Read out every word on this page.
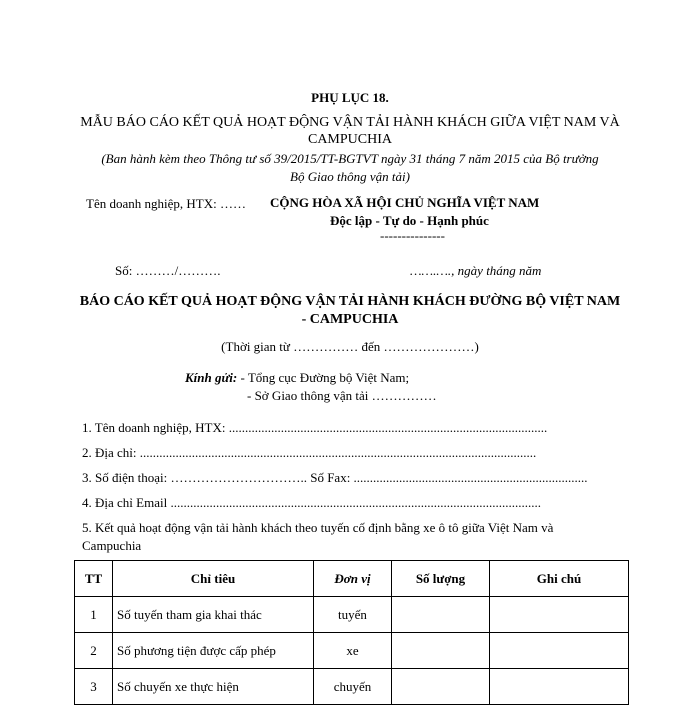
PHỤ LỤC 18.
MẪU BÁO CÁO KẾT QUẢ HOẠT ĐỘNG VẬN TẢI HÀNH KHÁCH GIỮA VIỆT NAM VÀ
CAMPUCHIA
(Ban hành kèm theo Thông tư số 39/2015/TT-BGTVT ngày 31 tháng 7 năm 2015 của Bộ trưởng
Bộ Giao thông vận tải)
Tên doanh nghiệp, HTX: …… CỘNG HÒA XÃ HỘI CHỦ NGHĨA VIỆT NAM
Độc lập - Tự do - Hạnh phúc
---------------
Số: ………/……….	…….…., ngày tháng năm
BÁO CÁO KẾT QUẢ HOẠT ĐỘNG VẬN TẢI HÀNH KHÁCH ĐƯỜNG BỘ VIỆT NAM
- CAMPUCHIA
(Thời gian từ …………… đến …………………)
Kính gửi: - Tổng cục Đường bộ Việt Nam;
- Sở Giao thông vận tải ……………
1. Tên doanh nghiệp, HTX: ..................................................................................................
2. Địa chỉ: ..........................................................................................................................
3. Số điện thoại: ………………………….. Số Fax: ........................................................................
4. Địa chỉ Email ..................................................................................................................
5. Kết quả hoạt động vận tải hành khách theo tuyến cố định bằng xe ô tô giữa Việt Nam và
Campuchia
TT	Chỉ tiêu	Đơn vị	Số lượng	Ghi chú
1	Số tuyến tham gia khai thác	tuyến		
2	Số phương tiện được cấp phép	xe		
3	Số chuyến xe thực hiện	chuyến		
